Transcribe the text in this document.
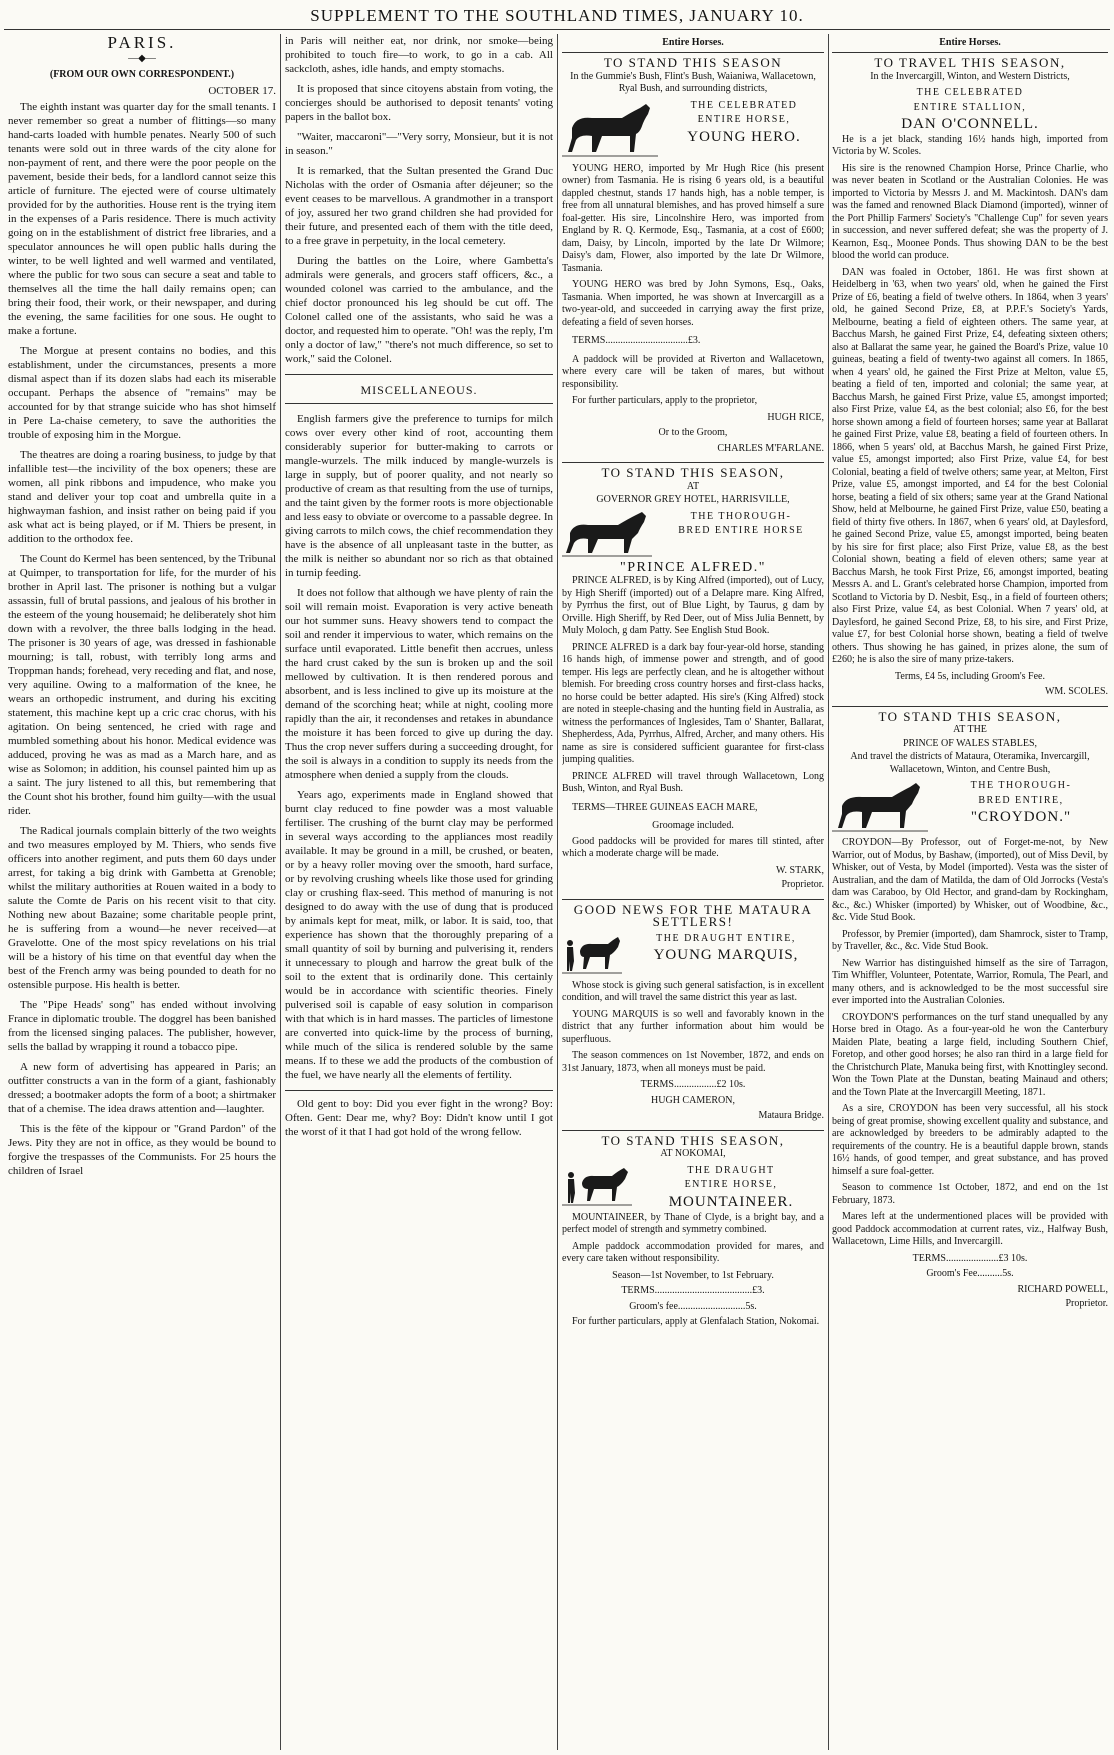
SUPPLEMENT TO THE SOUTHLAND TIMES, JANUARY 10.
PARIS.
—◆—
(FROM OUR OWN CORRESPONDENT.)
OCTOBER 17.

The eighth instant was quarter day for the small tenants. I never remember so great a number of flittings—so many hand-carts loaded with humble penates. Nearly 500 of such tenants were sold out in three wards of the city alone for non-payment of rent, and there were the poor people on the pavement, beside their beds, for a landlord cannot seize this article of furniture. The ejected were of course ultimately provided for by the authorities. House rent is the trying item in the expenses of a Paris residence. There is much activity going on in the establishment of district free libraries, and a speculator announces he will open public halls during the winter, to be well lighted and well warmed and ventilated, where the public for two sous can secure a seat and table to themselves all the time the hall daily remains open; can bring their food, their work, or their newspaper, and during the evening, the same facilities for one sous. He ought to make a fortune.

The Morgue at present contains no bodies, and this establishment, under the circumstances, presents a more dismal aspect than if its dozen slabs had each its miserable occupant. Perhaps the absence of "remains" may be accounted for by that strange suicide who has shot himself in Pere La-chaise cemetery, to save the authorities the trouble of exposing him in the Morgue.

The theatres are doing a roaring business, to judge by that infallible test—the incivility of the box openers; these are women, all pink ribbons and impudence, who make you stand and deliver your top coat and umbrella quite in a highwayman fashion, and insist rather on being paid if you ask what act is being played, or if M. Thiers be present, in addition to the orthodox fee.

The Count do Kermel has been sentenced, by the Tribunal at Quimper, to transportation for life, for the murder of his brother in April last. The prisoner is nothing but a vulgar assassin, full of brutal passions, and jealous of his brother in the esteem of the young housemaid; he deliberately shot him down with a revolver, the three balls lodging in the head. The prisoner is 30 years of age, was dressed in fashionable mourning; is tall, robust, with terribly long arms and Troppman hands; forehead, very receding and flat, and nose, very aquiline. Owing to a malformation of the knee, he wears an orthopedic instrument, and during his exciting statement, this machine kept up a cric crac chorus, with his agitation. On being sentenced, he cried with rage and mumbled something about his honor. Medical evidence was adduced, proving he was as mad as a March hare, and as wise as Solomon; in addition, his counsel painted him up as a saint. The jury listened to all this, but remembering that the Count shot his brother, found him guilty—with the usual rider.

The Radical journals complain bitterly of the two weights and two measures employed by M. Thiers, who sends five officers into another regiment, and puts them 60 days under arrest, for taking a big drink with Gambetta at Grenoble; whilst the military authorities at Rouen waited in a body to salute the Comte de Paris on his recent visit to that city. Nothing new about Bazaine; some charitable people print, he is suffering from a wound—he never received—at Gravelotte. One of the most spicy revelations on his trial will be a history of his time on that eventful day when the best of the French army was being pounded to death for no ostensible purpose. His health is better.

The "Pipe Heads' song" has ended without involving France in diplomatic trouble. The doggrel has been banished from the licensed singing palaces. The publisher, however, sells the ballad by wrapping it round a tobacco pipe.

A new form of advertising has appeared in Paris; an outfitter constructs a van in the form of a giant, fashionably dressed; a bootmaker adopts the form of a boot; a shirtmaker that of a chemise. The idea draws attention and—laughter.

This is the fête of the kippour or "Grand Pardon" of the Jews. Pity they are not in office, as they would be bound to forgive the trespasses of the Communists. For 25 hours the children of Israel

in Paris will neither eat, nor drink, nor smoke—being prohibited to touch fire—to work, to go in a cab. All sackcloth, ashes, idle hands, and empty stomachs.

It is proposed that since citoyens abstain from voting, the concierges should be authorised to deposit tenants' voting papers in the ballot box.

"Waiter, maccaroni"—"Very sorry, Monsieur, but it is not in season."

It is remarked, that the Sultan presented the Grand Duc Nicholas with the order of Osmania after déjeuner; so the event ceases to be marvellous. A grandmother in a transport of joy, assured her two grand children she had provided for their future, and presented each of them with the title deed, to a free grave in perpetuity, in the local cemetery.

During the battles on the Loire, where Gambetta's admirals were generals, and grocers staff officers, &c., a wounded colonel was carried to the ambulance, and the chief doctor pronounced his leg should be cut off. The Colonel called one of the assistants, who said he was a doctor, and requested him to operate. "Oh! was the reply, I'm only a doctor of law," "there's not much difference, so set to work," said the Colonel.

MISCELLANEOUS.

English farmers give the preference to turnips for milch cows over every other kind of root, accounting them considerably superior for butter-making to carrots or mangle-wurzels. The milk induced by mangle-wurzels is large in supply, but of poorer quality, and not nearly so productive of cream as that resulting from the use of turnips, and the taint given by the former roots is more objectionable and less easy to obviate or overcome to a passable degree. In giving carrots to milch cows, the chief recommendation they have is the absence of all unpleasant taste in the butter, as the milk is neither so abundant nor so rich as that obtained in turnip feeding.

It does not follow that although we have plenty of rain the soil will remain moist. Evaporation is very active beneath our hot summer suns. Heavy showers tend to compact the soil and render it impervious to water, which remains on the surface until evaporated. Little benefit then accrues, unless the hard crust caked by the sun is broken up and the soil mellowed by cultivation. It is then rendered porous and absorbent, and is less inclined to give up its moisture at the demand of the scorching heat; while at night, cooling more rapidly than the air, it recondenses and retakes in abundance the moisture it has been forced to give up during the day. Thus the crop never suffers during a succeeding drought, for the soil is always in a condition to supply its needs from the atmosphere when denied a supply from the clouds.

Years ago, experiments made in England showed that burnt clay reduced to fine powder was a most valuable fertiliser. The crushing of the burnt clay may be performed in several ways according to the appliances most readily available. It may be ground in a mill, be crushed, or beaten, or by a heavy roller moving over the smooth, hard surface, or by revolving crushing wheels like those used for grinding clay or crushing flax-seed. This method of manuring is not designed to do away with the use of dung that is produced by animals kept for meat, milk, or labor. It is said, too, that experience has shown that the thoroughly preparing of a small quantity of soil by burning and pulverising it, renders it unnecessary to plough and harrow the great bulk of the soil to the extent that is ordinarily done. This certainly would be in accordance with scientific theories. Finely pulverised soil is capable of easy solution in comparison with that which is in hard masses. The particles of limestone are converted into quick-lime by the process of burning, while much of the silica is rendered soluble by the same means. If to these we add the products of the combustion of the fuel, we have nearly all the elements of fertility.

Old gent to boy: Did you ever fight in the wrong? Boy: Often. Gent: Dear me, why? Boy: Didn't know until I got the worst of it that I had got hold of the wrong fellow.

Entire Horses.
TO STAND THIS SEASON
In the Gummie's Bush, Flint's Bush, Waianiwa, Wallacetown, Ryal Bush, and surrounding districts,
THE CELEBRATED
ENTIRE HORSE,
YOUNG HERO.

YOUNG HERO, imported by Mr Hugh Rice (his present owner) from Tasmania. He is rising 6 years old, is a beautiful dappled chestnut, stands 17 hands high, has a noble temper, is free from all unnatural blemishes, and has proved himself a sure foal-getter. His sire, Lincolnshire Hero, was imported from England by R. Q. Kermode, Esq., Tasmania, at a cost of £600; dam, Daisy, by Lincoln, imported by the late Dr Wilmore; Daisy's dam, Flower, also imported by the late Dr Wilmore, Tasmania.

YOUNG HERO was bred by John Symons, Esq., Oaks, Tasmania. When imported, he was shown at Invercargill as a two-year-old, and succeeded in carrying away the first prize, defeating a field of seven horses.

TERMS.................................£3.

A paddock will be provided at Riverton and Wallacetown, where every care will be taken of mares, but without responsibility.

For further particulars, apply to the proprietor,

HUGH RICE,
Or to the Groom,
CHARLES M'FARLANE.
TO STAND THIS SEASON,
AT
GOVERNOR GREY HOTEL, HARRISVILLE,
THE THOROUGH-
BRED ENTIRE HORSE
"PRINCE ALFRED."

PRINCE ALFRED, is by King Alfred (imported), out of Lucy, by High Sheriff (imported) out of a Delapre mare. King Alfred, by Pyrrhus the first, out of Blue Light, by Taurus, g dam by Orville. High Sheriff, by Red Deer, out of Miss Julia Bennett, by Muly Moloch, g dam Patty. See English Stud Book.

PRINCE ALFRED is a dark bay four-year-old horse, standing 16 hands high, of immense power and strength, and of good temper. His legs are perfectly clean, and he is altogether without blemish. For breeding cross country horses and first-class hacks, no horse could be better adapted. His sire's (King Alfred) stock are noted in steeple-chasing and the hunting field in Australia, as witness the performances of Inglesides, Tam o' Shanter, Ballarat, Shepherdess, Ada, Pyrrhus, Alfred, Archer, and many others. His name as sire is considered sufficient guarantee for first-class jumping qualities.

PRINCE ALFRED will travel through Wallacetown, Long Bush, Winton, and Ryal Bush.

TERMS—THREE GUINEAS EACH MARE,
Groomage included.

Good paddocks will be provided for mares till stinted, after which a moderate charge will be made.

W. STARK,
Proprietor.
GOOD NEWS FOR THE MATAURA SETTLERS!
THE DRAUGHT ENTIRE,
YOUNG MARQUIS,

Whose stock is giving such general satisfaction, is in excellent condition, and will travel the same district this year as last.

YOUNG MARQUIS is so well and favorably known in the district that any further information about him would be superfluous.

The season commences on 1st November, 1872, and ends on 31st January, 1873, when all moneys must be paid.

TERMS.................£2 10s.
HUGH CAMERON,
Mataura Bridge.
TO STAND THIS SEASON,
AT NOKOMAI,
THE DRAUGHT
ENTIRE HORSE,
MOUNTAINEER.

MOUNTAINEER, by Thane of Clyde, is a bright bay, and a perfect model of strength and symmetry combined.

Ample paddock accommodation provided for mares, and every care taken without responsibility.

Season—1st November, to 1st February.
TERMS.......................................£3.
Groom's fee...........................5s.

For further particulars, apply at Glenfalach Station, Nokomai.

Entire Horses.
TO TRAVEL THIS SEASON,
In the Invercargill, Winton, and Western Districts,
THE CELEBRATED
ENTIRE STALLION,
DAN O'CONNELL.

He is a jet black, standing 16½ hands high, imported from Victoria by W. Scoles.

His sire is the renowned Champion Horse, Prince Charlie, who was never beaten in Scotland or the Australian Colonies. He was imported to Victoria by Messrs J. and M. Mackintosh. DAN's dam was the famed and renowned Black Diamond (imported), winner of the Port Phillip Farmers' Society's "Challenge Cup" for seven years in succession, and never suffered defeat; she was the property of J. Kearnon, Esq., Moonee Ponds. Thus showing DAN to be the best blood the world can produce.

DAN was foaled in October, 1861. He was first shown at Heidelberg in '63, when two years' old, when he gained the First Prize of £6, beating a field of twelve others. In 1864, when 3 years' old, he gained Second Prize, £8, at P.P.F.'s Society's Yards, Melbourne, beating a field of eighteen others. The same year, at Bacchus Marsh, he gained First Prize, £4, defeating sixteen others; also at Ballarat the same year, he gained the Board's Prize, value 10 guineas, beating a field of twenty-two against all comers. In 1865, when 4 years' old, he gained the First Prize at Melton, value £5, beating a field of ten, imported and colonial; the same year, at Bacchus Marsh, he gained First Prize, value £5, amongst imported; also First Prize, value £4, as the best colonial; also £6, for the best horse shown among a field of fourteen horses; same year at Ballarat he gained First Prize, value £8, beating a field of fourteen others. In 1866, when 5 years' old, at Bacchus Marsh, he gained First Prize, value £5, amongst imported; also First Prize, value £4, for best Colonial, beating a field of twelve others; same year, at Melton, First Prize, value £5, amongst imported, and £4 for the best Colonial horse, beating a field of six others; same year at the Grand National Show, held at Melbourne, he gained First Prize, value £50, beating a field of thirty five others. In 1867, when 6 years' old, at Daylesford, he gained Second Prize, value £5, amongst imported, being beaten by his sire for first place; also First Prize, value £8, as the best Colonial shown, beating a field of eleven others; same year at Bacchus Marsh, he took First Prize, £6, amongst imported, beating Messrs A. and L. Grant's celebrated horse Champion, imported from Scotland to Victoria by D. Nesbit, Esq., in a field of fourteen others; also First Prize, value £4, as best Colonial. When 7 years' old, at Daylesford, he gained Second Prize, £8, to his sire, and First Prize, value £7, for best Colonial horse shown, beating a field of twelve others. Thus showing he has gained, in prizes alone, the sum of £260; he is also the sire of many prize-takers.

Terms, £4 5s, including Groom's Fee.
WM. SCOLES.
TO STAND THIS SEASON,
AT THE
PRINCE OF WALES STABLES,
And travel the districts of Mataura, Oteramika, Invercargill, Wallacetown, Winton, and Centre Bush,
THE THOROUGH-
BRED ENTIRE,
"CROYDON."

CROYDON—By Professor, out of Forget-me-not, by New Warrior, out of Modus, by Bashaw, (imported), out of Miss Devil, by Whisker, out of Vesta, by Model (imported). Vesta was the sister of Australian, and the dam of Matilda, the dam of Old Jorrocks (Vesta's dam was Caraboo, by Old Hector, and grand-dam by Rockingham, &c., &c.) Whisker (imported) by Whisker, out of Woodbine, &c., &c. Vide Stud Book.

Professor, by Premier (imported), dam Shamrock, sister to Tramp, by Traveller, &c., &c. Vide Stud Book.

New Warrior has distinguished himself as the sire of Tarragon, Tim Whiffler, Volunteer, Potentate, Warrior, Romula, The Pearl, and many others, and is acknowledged to be the most successful sire ever imported into the Australian Colonies.

CROYDON'S performances on the turf stand unequalled by any Horse bred in Otago. As a four-year-old he won the Canterbury Maiden Plate, beating a large field, including Southern Chief, Foretop, and other good horses; he also ran third in a large field for the Christchurch Plate, Manuka being first, with Knottingley second. Won the Town Plate at the Dunstan, beating Mainaud and others; and the Town Plate at the Invercargill Meeting, 1871.

As a sire, CROYDON has been very successful, all his stock being of great promise, showing excellent quality and substance, and are acknowledged by breeders to be admirably adapted to the requirements of the country. He is a beautiful dapple brown, stands 16½ hands, of good temper, and great substance, and has proved himself a sure foal-getter.

Season to commence 1st October, 1872, and end on the 1st February, 1873.

Mares left at the undermentioned places will be provided with good Paddock accommodation at current rates, viz., Halfway Bush, Wallacetown, Lime Hills, and Invercargill.

TERMS.....................£3 10s.
Groom's Fee..........5s.
RICHARD POWELL,
Proprietor.
